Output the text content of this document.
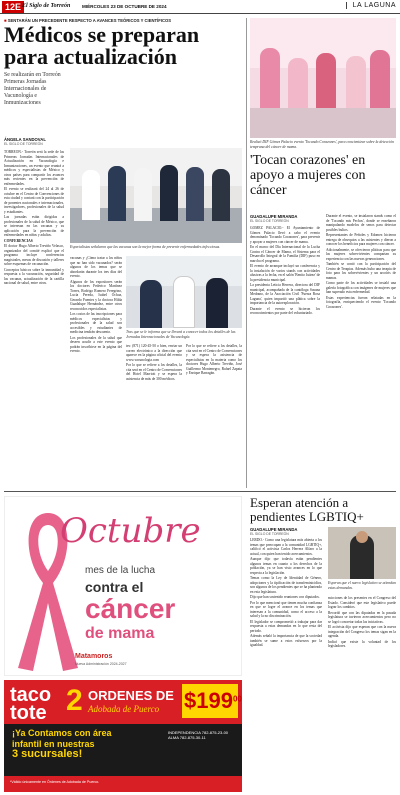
12E El Siglo de Torreón	MIÉRCOLES 23 DE OCTUBRE DE 2024	LA LAGUNA
■ SENTARÁN UN PRECEDENTE RESPECTO A AVANCES TEÓRICOS Y CIENTÍFICOS
Médicos se preparan
para actualización
Se realizarán en Torreón Primeras Jornadas Internacionales de Vacunología e Inmunizaciones
ÁNGELA SANDOVAL
EL SIGLO DE TORREÓN

TORREÓN.- Torreón será la sede de las Primeras Jornadas Internacionales de Actualización en Vacunología e Inmunizaciones, un evento que reunirá a médicos y especialistas de México y otros países para compartir los avances más recientes en la prevención de enfermedades.

El evento se realizará del 24 al 26 de octubre en el Centro de Convenciones de esta ciudad y contará con la participación de ponentes nacionales e internacionales, investigadores, profesionales de la salud y estudiantes.

Las jornadas están dirigidas a profesionales de la salud de México, que se interesan en las vacunas y su aplicación para la prevención de enfermedades en niños y adultos.

CONFERENCIAS

El doctor Hugo Alberto Treviño Velasco, organizador del comité explicó que el programa incluye conferencias magistrales, mesas de discusión y talleres sobre esquemas de vacunación.

Conceptos básicos sobre la inmunidad y respuesta a la vacunación, seguridad de las vacunas, actualización de la cartilla nacional de salud, entre otros.

Especialistas señalaron que las vacunas son la mejor forma de prevenir enfermedades infecciosas.

vacunas y ¿Cómo tratar a los niños que no han sido vacunados? serán algunos de los temas que se abordarán durante los tres días del evento.

Algunos de los expositores serán los doctores Federico Martínez Torres, Rodrigo Romero Feregrino, Lucía Pereda, Isabel Ochoa, Gerardo Fuentes y la doctora Hilda Guadalupe Hernández, entre otros reconocidos especialistas.

Los costos de las inscripciones para médicos especialistas y profesionales de la salud son accesibles y estudiantes de medicina tendrán descuento.

Los profesionales de la salud que deseen acudir a este evento que podrán inscribirse en la página del evento.

Tras que se le informa que se llevará a conocer todos los detalles de las Jornadas Internacionales de Vacunología.

tes: (871) 120-45-50 o bien, enviar un correo electrónico a la dirección que aparece en la página oficial del evento www.vacunologia.com

Por lo que se refiere a los detalles, la cita será en el Centro de Convenciones del Hotel Marriott y se espera la asistencia de más de 300 médicos.

Por lo que se refiere a los detalles, la cita será en el Centro de Convenciones y se espera la asistencia de especialistas en la materia como los doctores Hugo Alberto Treviño, José Guillermo Montenegro, Rafael Zapata y Enrique Barragán.

Realizó DIF Gómez Palacio evento 'Tocando Corazones', para concientizar sobre la detección temprana del cáncer de mama.
'Tocan corazones' en apoyo a mujeres con cáncer
GUADALUPE MIRANDA
EL SIGLO DE TORREÓN

GÓMEZ PALACIO.- El Ayuntamiento de Gómez Palacio llevó a cabo el evento denominado 'Tocando Corazones', para prevenir y apoyar a mujeres con cáncer de mama.

En el marco del Día Internacional de la Lucha Contra el Cáncer de Mama, el Sistema para el Desarrollo Integral de la Familia (DIF) puso en marcha el programa.

El evento de arranque incluyó un conferencia y la instalación de varios stands con actividades alusivas a la fecha, en el salón 'Benito Juárez' de la presidencia municipal.

La presidenta Leticia Herrera, directora del DIF municipal, acompañada de la cantóloga Susana Medrano, de la Asociación Civil 'Fuerza Rosa Laguna', quien impartió una plática sobre la importancia de la autoexploración.

Durante el evento se hicieron los reconocimientos por parte del voluntariado.

Durante el evento, se instalaron stands como el de 'Tocando mis Pechos', donde se enseñaron manipulando modelos de senos para detectar posibles bultos.

Representantes de Peñoles y Edomex hicieron entrega de obsequios a las asistentes y dieron a conocer los beneficios para mujeres con cáncer.

Adicionalmente, se ofrecieron pláticas para que las mujeres sobrevivientes compartan su experiencia con las nuevas generaciones.

También se contó con la participación del Centro de Terapias. Además hubo una terapia de foto para los sobrevivientes y un arcoíris de mamas.

Como parte de los actividades se instaló una galería fotográfica con imágenes de mujeres que han superado esta enfermedad.

Estas experiencias fueron relatadas en la fotografía, enriqueciendo el evento 'Tocando Corazones'.

Octubre
mes de la lucha
contra el
cáncer
de mama
Matamoros
Nueva Administración 2024-2027
Esperan atención a pendientes LGBTIQ+
GUADALUPE MIRANDA
EL SIGLO DE TORREÓN
Esperan que el nuevo legislativo se atiendan estas demandas.

LERDO.- Como una legislatura más abierta a los temas que preocupan a la comunidad LGBTIQ+, calificó el activista Carlos Herrera Alfaro a la actual, con quien han tenido acercamientos.

Aunque dijo que todavía están pendientes algunos temas en cuanto a los derechos de la población, ya se han visto avances en lo que respecta a la legislación.

Temas como la Ley de Identidad de Género, adopciones y la tipificación de transfeminicidios, son algunos de los pendientes que se ha planteado en esta legislatura.

Dijo que han sostenido reuniones con diputados.

Por lo que mencionó que tienen mucha confianza en que se logre el avance en los temas que interesan a la comunidad, como el acceso a la salud y la no discriminación.

El legislador se comprometió a trabajar para dar respuesta a estas demandas en lo que resta del periodo.

Además señaló la importancia de que la sociedad también se sume a estos esfuerzos por la igualdad.

micciones de los presentes en el Congreso del Estado. Consideró que este legislativo puede lograr los cambios.

Recordó que con las diputadas en la pasada legislatura se tuvieron acercamientos pero no se logró concretar todas las iniciativas.

El activista dijo que esperan que con la nueva integración del Congreso los temas sigan en la agenda.

Indicó que existe la voluntad de los legisladores.

taco
tote 2 ORDENES DE
Adobada de Puerco $\$199^{00}$
¡Ya Contamos con área
infantil en nuestras
3 sucursales!
INDEPENDENCIA 782-875-23-00 ALMA 782-875-30-11
*Válido únicamente en Órdenes de Adobada de Puerco.
